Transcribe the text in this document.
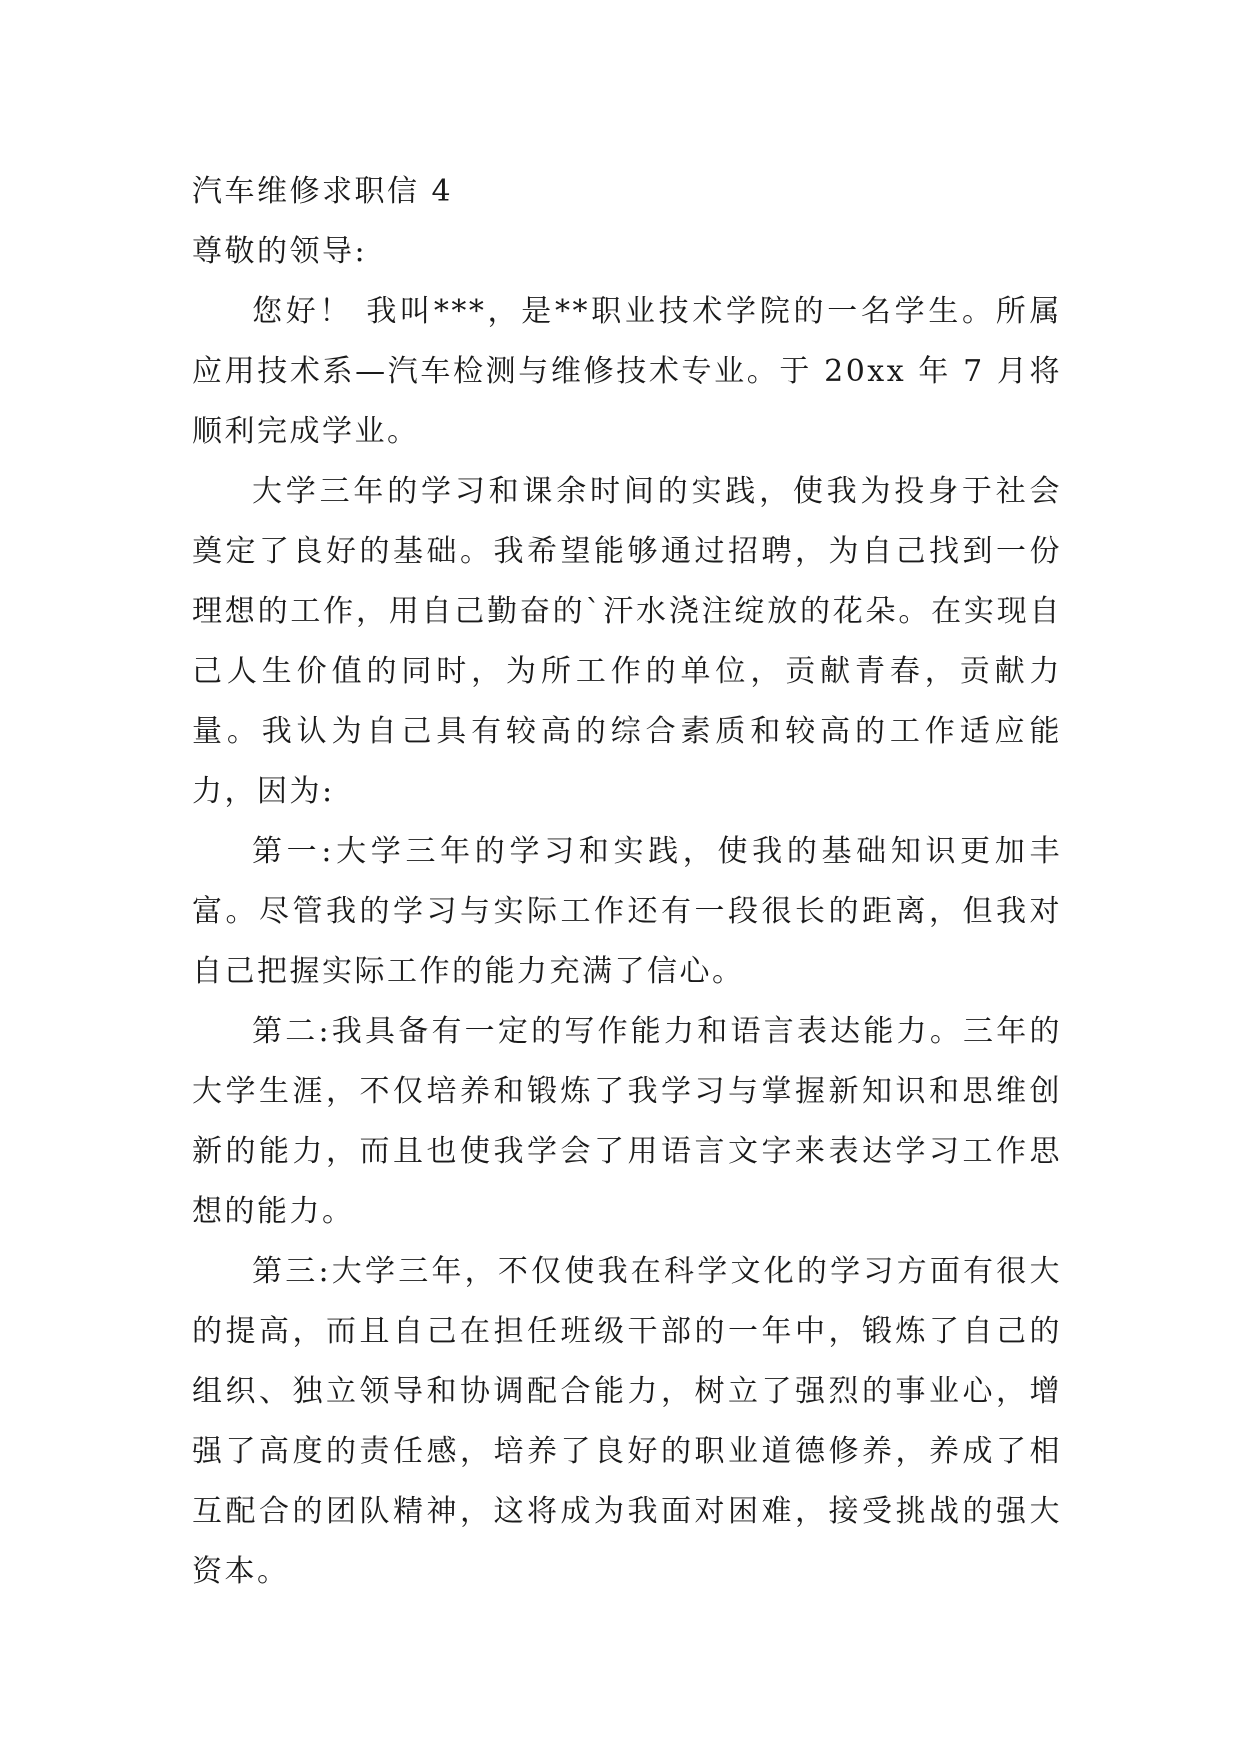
汽车维修求职信 4

尊敬的领导:

您好！ 我叫***，是**职业技术学院的一名学生。所属应用技术系—汽车检测与维修技术专业。于 20xx 年 7 月将顺利完成学业。

大学三年的学习和课余时间的实践，使我为投身于社会奠定了良好的基础。我希望能够通过招聘，为自己找到一份理想的工作，用自己勤奋的`汗水浇注绽放的花朵。在实现自己人生价值的同时，为所工作的单位，贡献青春，贡献力量。我认为自己具有较高的综合素质和较高的工作适应能力，因为:

第一:大学三年的学习和实践，使我的基础知识更加丰富。尽管我的学习与实际工作还有一段很长的距离，但我对自己把握实际工作的能力充满了信心。

第二:我具备有一定的写作能力和语言表达能力。三年的大学生涯，不仅培养和锻炼了我学习与掌握新知识和思维创新的能力，而且也使我学会了用语言文字来表达学习工作思想的能力。

第三:大学三年，不仅使我在科学文化的学习方面有很大的提高，而且自己在担任班级干部的一年中，锻炼了自己的组织、独立领导和协调配合能力，树立了强烈的事业心，增强了高度的责任感，培养了良好的职业道德修养，养成了相互配合的团队精神，这将成为我面对困难，接受挑战的强大资本。
